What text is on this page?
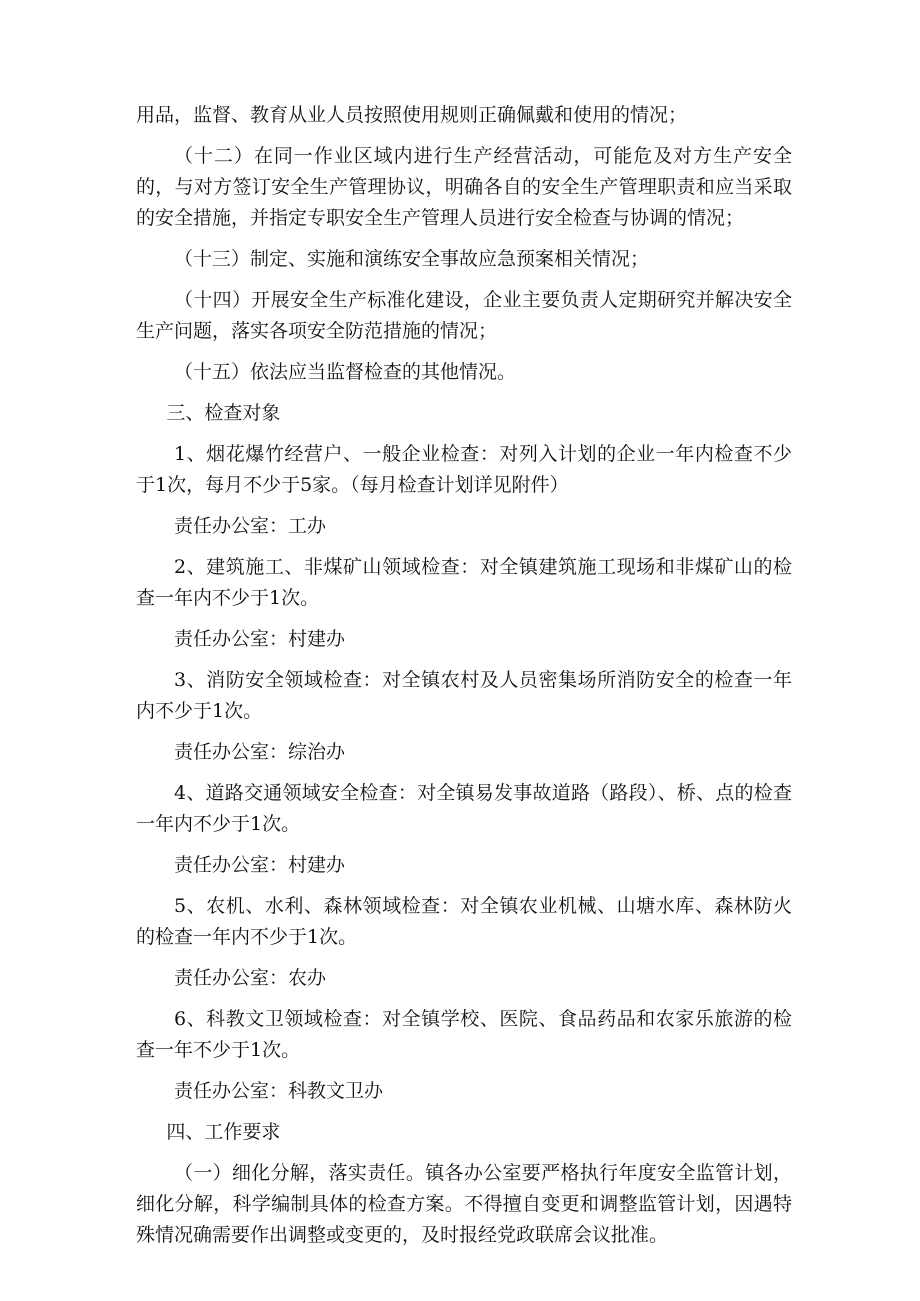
用品，监督、教育从业人员按照使用规则正确佩戴和使用的情况；

（十二）在同一作业区域内进行生产经营活动，可能危及对方生产安全的，与对方签订安全生产管理协议，明确各自的安全生产管理职责和应当采取的安全措施，并指定专职安全生产管理人员进行安全检查与协调的情况；

（十三）制定、实施和演练安全事故应急预案相关情况；

（十四）开展安全生产标准化建设，企业主要负责人定期研究并解决安全生产问题，落实各项安全防范措施的情况；

（十五）依法应当监督检查的其他情况。

三、检查对象

1、烟花爆竹经营户、一般企业检查：对列入计划的企业一年内检查不少于1次，每月不少于5家。（每月检查计划详见附件）

责任办公室：工办

2、建筑施工、非煤矿山领域检查：对全镇建筑施工现场和非煤矿山的检查一年内不少于1次。

责任办公室：村建办

3、消防安全领域检查：对全镇农村及人员密集场所消防安全的检查一年内不少于1次。

责任办公室：综治办

4、道路交通领域安全检查：对全镇易发事故道路（路段）、桥、点的检查一年内不少于1次。

责任办公室：村建办

5、农机、水利、森林领域检查：对全镇农业机械、山塘水库、森林防火的检查一年内不少于1次。

责任办公室：农办

6、科教文卫领域检查：对全镇学校、医院、食品药品和农家乐旅游的检查一年不少于1次。

责任办公室：科教文卫办

四、工作要求

（一）细化分解，落实责任。镇各办公室要严格执行年度安全监管计划，细化分解，科学编制具体的检查方案。不得擅自变更和调整监管计划，因遇特殊情况确需要作出调整或变更的，及时报经党政联席会议批准。
